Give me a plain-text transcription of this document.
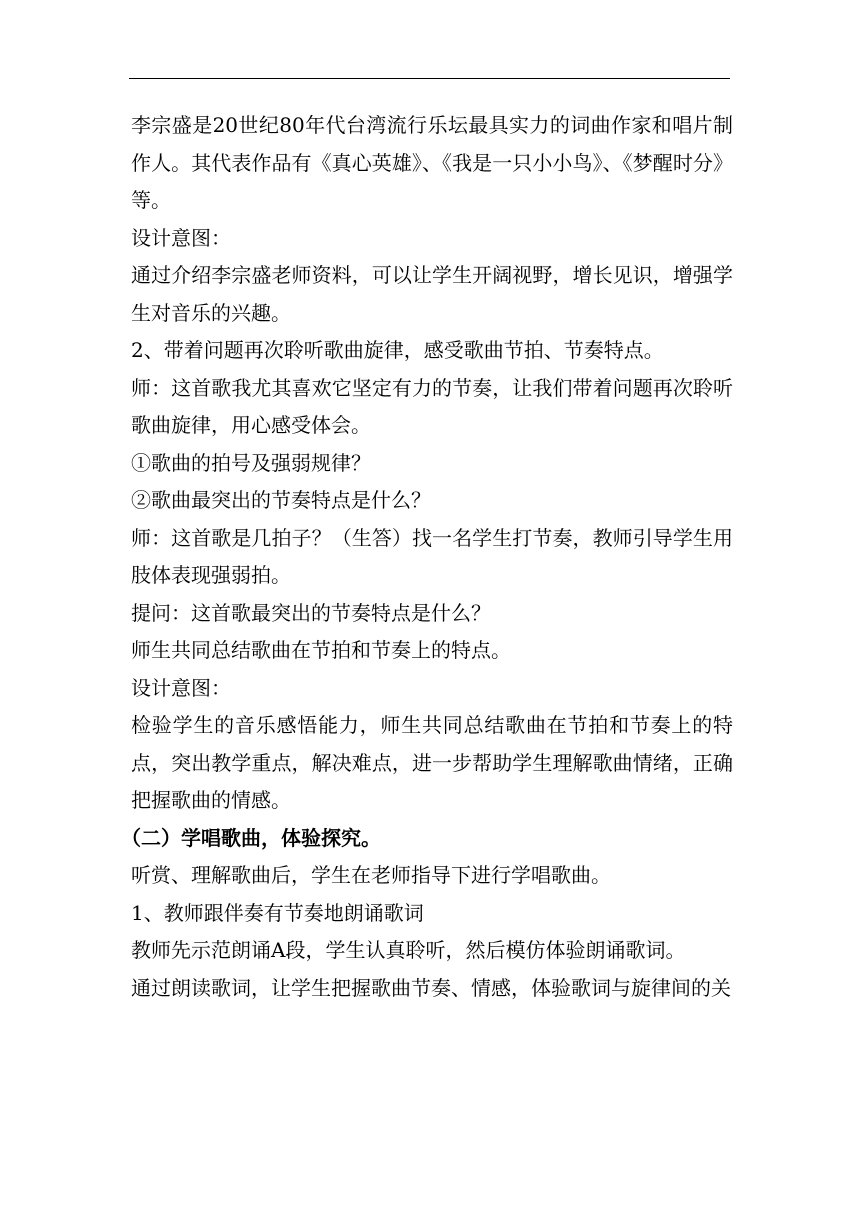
李宗盛是20世纪80年代台湾流行乐坛最具实力的词曲作家和唱片制作人。其代表作品有《真心英雄》、《我是一只小小鸟》、《梦醒时分》等。

设计意图：

通过介绍李宗盛老师资料，可以让学生开阔视野，增长见识，增强学生对音乐的兴趣。

2、带着问题再次聆听歌曲旋律，感受歌曲节拍、节奏特点。

师：这首歌我尤其喜欢它坚定有力的节奏，让我们带着问题再次聆听歌曲旋律，用心感受体会。

①歌曲的拍号及强弱规律？

②歌曲最突出的节奏特点是什么？

师：这首歌是几拍子？（生答）找一名学生打节奏，教师引导学生用肢体表现强弱拍。

提问：这首歌最突出的节奏特点是什么？

师生共同总结歌曲在节拍和节奏上的特点。

设计意图：

检验学生的音乐感悟能力，师生共同总结歌曲在节拍和节奏上的特点，突出教学重点，解决难点，进一步帮助学生理解歌曲情绪，正确把握歌曲的情感。

（二）学唱歌曲，体验探究。

听赏、理解歌曲后，学生在老师指导下进行学唱歌曲。

1、教师跟伴奏有节奏地朗诵歌词

教师先示范朗诵A段，学生认真聆听，然后模仿体验朗诵歌词。

通过朗读歌词，让学生把握歌曲节奏、情感，体验歌词与旋律间的关
